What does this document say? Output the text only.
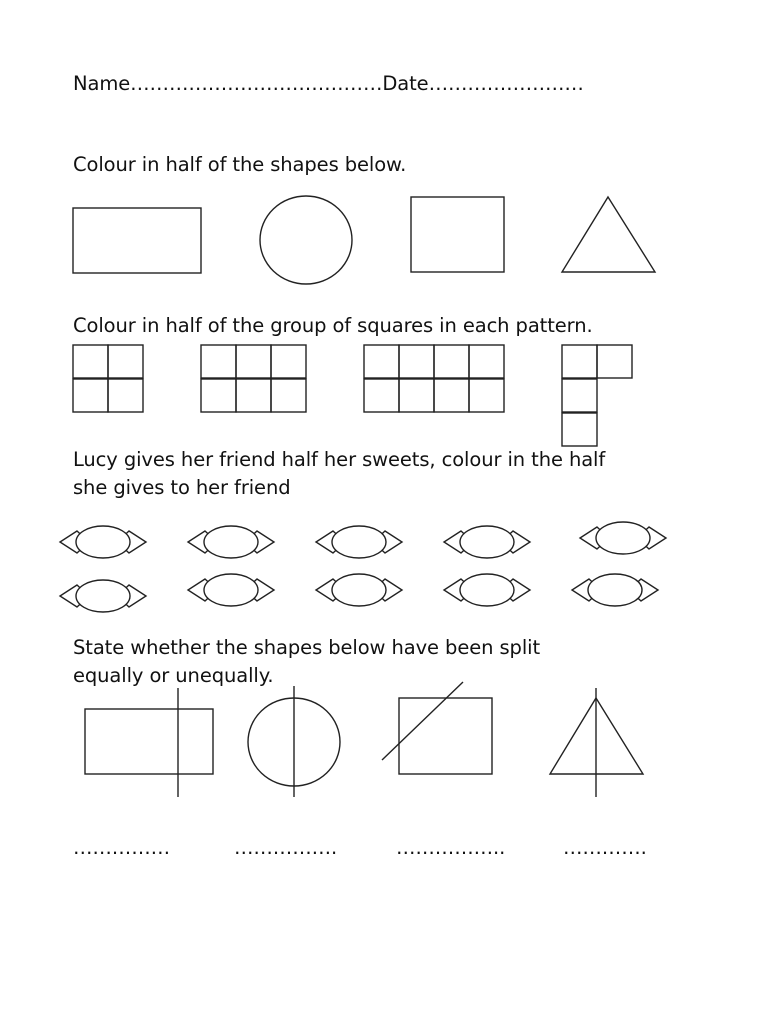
Name…………………………………Date……………………
Colour in half of the shapes below.
Colour in half of the group of squares in each pattern.
Lucy gives her friend half her sweets, colour in the half
she gives to her friend
State whether the shapes below have been split
equally or unequally.
……………	…………….	……………..	………….
